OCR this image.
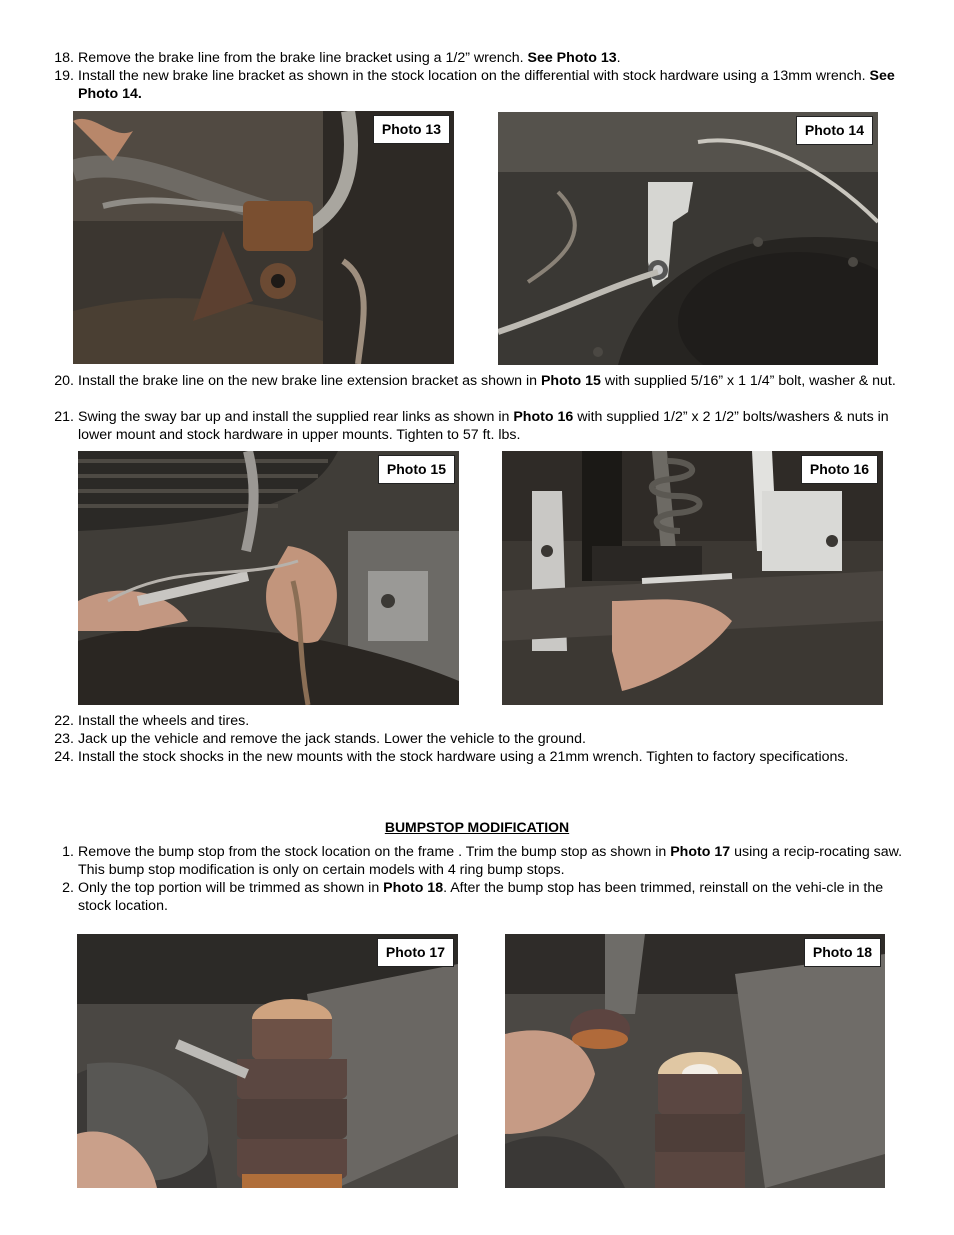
18. Remove the brake line from the brake line bracket using a 1/2” wrench. See Photo 13.
19. Install the new brake line bracket as shown in the stock location on the differential with stock hardware using a 13mm wrench. See Photo 14.
Photo 13	Photo 14
20. Install the brake line on the new brake line extension bracket as shown in Photo 15 with supplied 5/16” x 1 1/4” bolt, washer & nut.
21. Swing the sway bar up and install the supplied rear links as shown in Photo 16 with supplied 1/2” x 2 1/2” bolts/washers & nuts in lower mount and stock hardware in upper mounts. Tighten to 57 ft. lbs.
Photo 15	Photo 16
22. Install the wheels and tires.
23. Jack up the vehicle and remove the jack stands. Lower the vehicle to the ground.
24. Install the stock shocks in the new mounts with the stock hardware using a 21mm wrench. Tighten to factory specifications.
BUMPSTOP MODIFICATION
1. Remove the bump stop from the stock location on the frame . Trim the bump stop as shown in Photo 17 using a recip-rocating saw. This bump stop modification is only on certain models with 4 ring bump stops.
2. Only the top portion will be trimmed as shown in Photo 18. After the bump stop has been trimmed, reinstall on the vehi-cle in the stock location.
Photo 17	Photo 18
